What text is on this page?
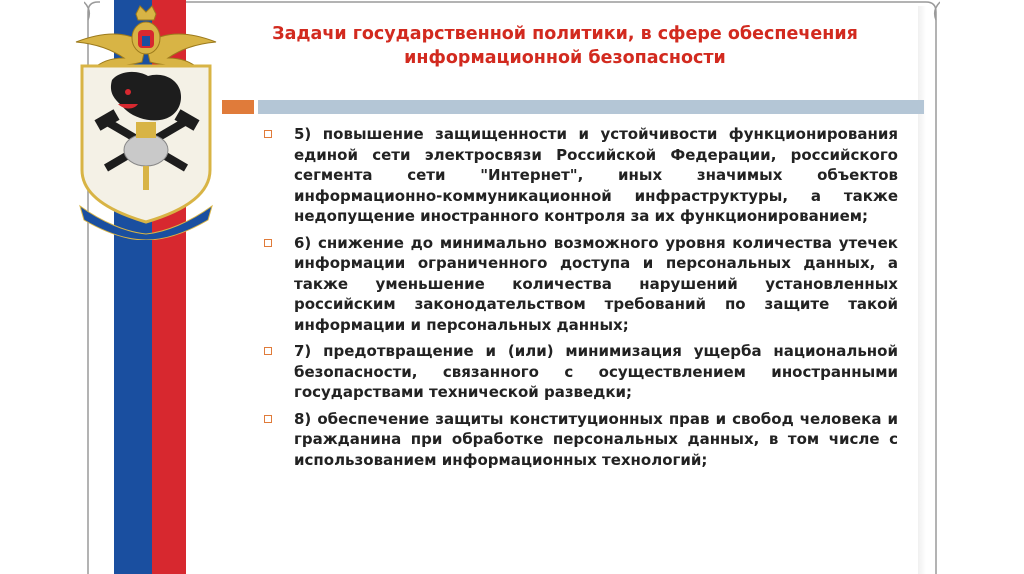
Задачи государственной политики, в сфере обеспечения информационной безопасности
5) повышение защищенности и устойчивости функционирования единой сети электросвязи Российской Федерации, российского сегмента сети "Интернет", иных значимых объектов информационно-коммуникационной инфраструктуры, а также недопущение иностранного контроля за их функционированием;
6) снижение до минимально возможного уровня количества утечек информации ограниченного доступа и персональных данных, а также уменьшение количества нарушений установленных российским законодательством требований по защите такой информации и персональных данных;
7) предотвращение и (или) минимизация ущерба национальной безопасности, связанного с осуществлением иностранными государствами технической разведки;
8) обеспечение защиты конституционных прав и свобод человека и гражданина при обработке персональных данных, в том числе с использованием информационных технологий;
